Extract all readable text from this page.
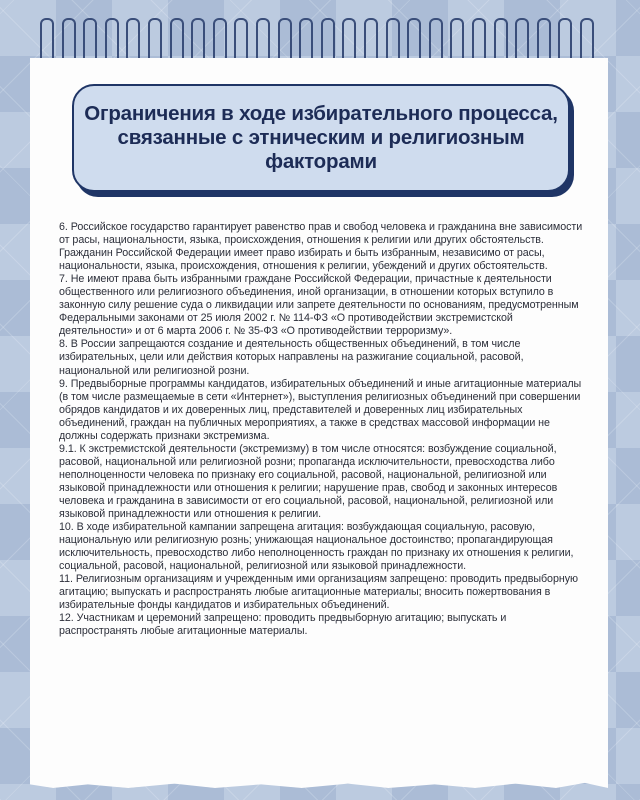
Ограничения в ходе избирательного процесса,
связанные с этническим и религиозным факторами

6. Российское государство гарантирует равенство прав и свобод человека и гражданина вне зависимости от расы, национальности, языка, происхождения, отношения к религии или других обстоятельств. Гражданин Российской Федерации имеет право избирать и быть избранным, независимо от расы, национальности, языка, происхождения, отношения к религии, убеждений и других обстоятельств.

7. Не имеют права быть избранными граждане Российской Федерации, причастные к деятельности общественного или религиозного объединения, иной организации, в отношении которых вступило в законную силу решение суда о ликвидации или запрете деятельности по основаниям, предусмотренным Федеральными законами от 25 июля 2002 г. № 114-ФЗ «О противодействии экстремистской деятельности» и от 6 марта 2006 г. № 35-ФЗ «О противодействии терроризму».

8. В России запрещаются создание и деятельность общественных объединений, в том числе избирательных, цели или действия которых направлены на разжигание социальной, расовой, национальной или религиозной розни.

9. Предвыборные программы кандидатов, избирательных объединений и иные агитационные материалы (в том числе размещаемые в сети «Интернет»), выступления религиозных объединений при совершении обрядов кандидатов и их доверенных лиц, представителей и доверенных лиц избирательных объединений, граждан на публичных мероприятиях, а также в средствах массовой информации не должны содержать признаки экстремизма.

9.1. К экстремистской деятельности (экстремизму) в том числе относятся: возбуждение социальной, расовой, национальной или религиозной розни; пропаганда исключительности, превосходства либо неполноценности человека по признаку его социальной, расовой, национальной, религиозной или языковой принадлежности или отношения к религии; нарушение прав, свобод и законных интересов человека и гражданина в зависимости от его социальной, расовой, национальной, религиозной или языковой принадлежности или отношения к религии.

10. В ходе избирательной кампании запрещена агитация: возбуждающая социальную, расовую, национальную или религиозную рознь; унижающая национальное достоинство; пропагандирующая исключительность, превосходство либо неполноценность граждан по признаку их отношения к религии, социальной, расовой, национальной, религиозной или языковой принадлежности.

11. Религиозным организациям и учрежденным ими организациям запрещено: проводить предвыборную агитацию; выпускать и распространять любые агитационные материалы; вносить пожертвования в избирательные фонды кандидатов и избирательных объединений.

12. Участникам и церемоний запрещено: проводить предвыборную агитацию; выпускать и распространять любые агитационные материалы.
